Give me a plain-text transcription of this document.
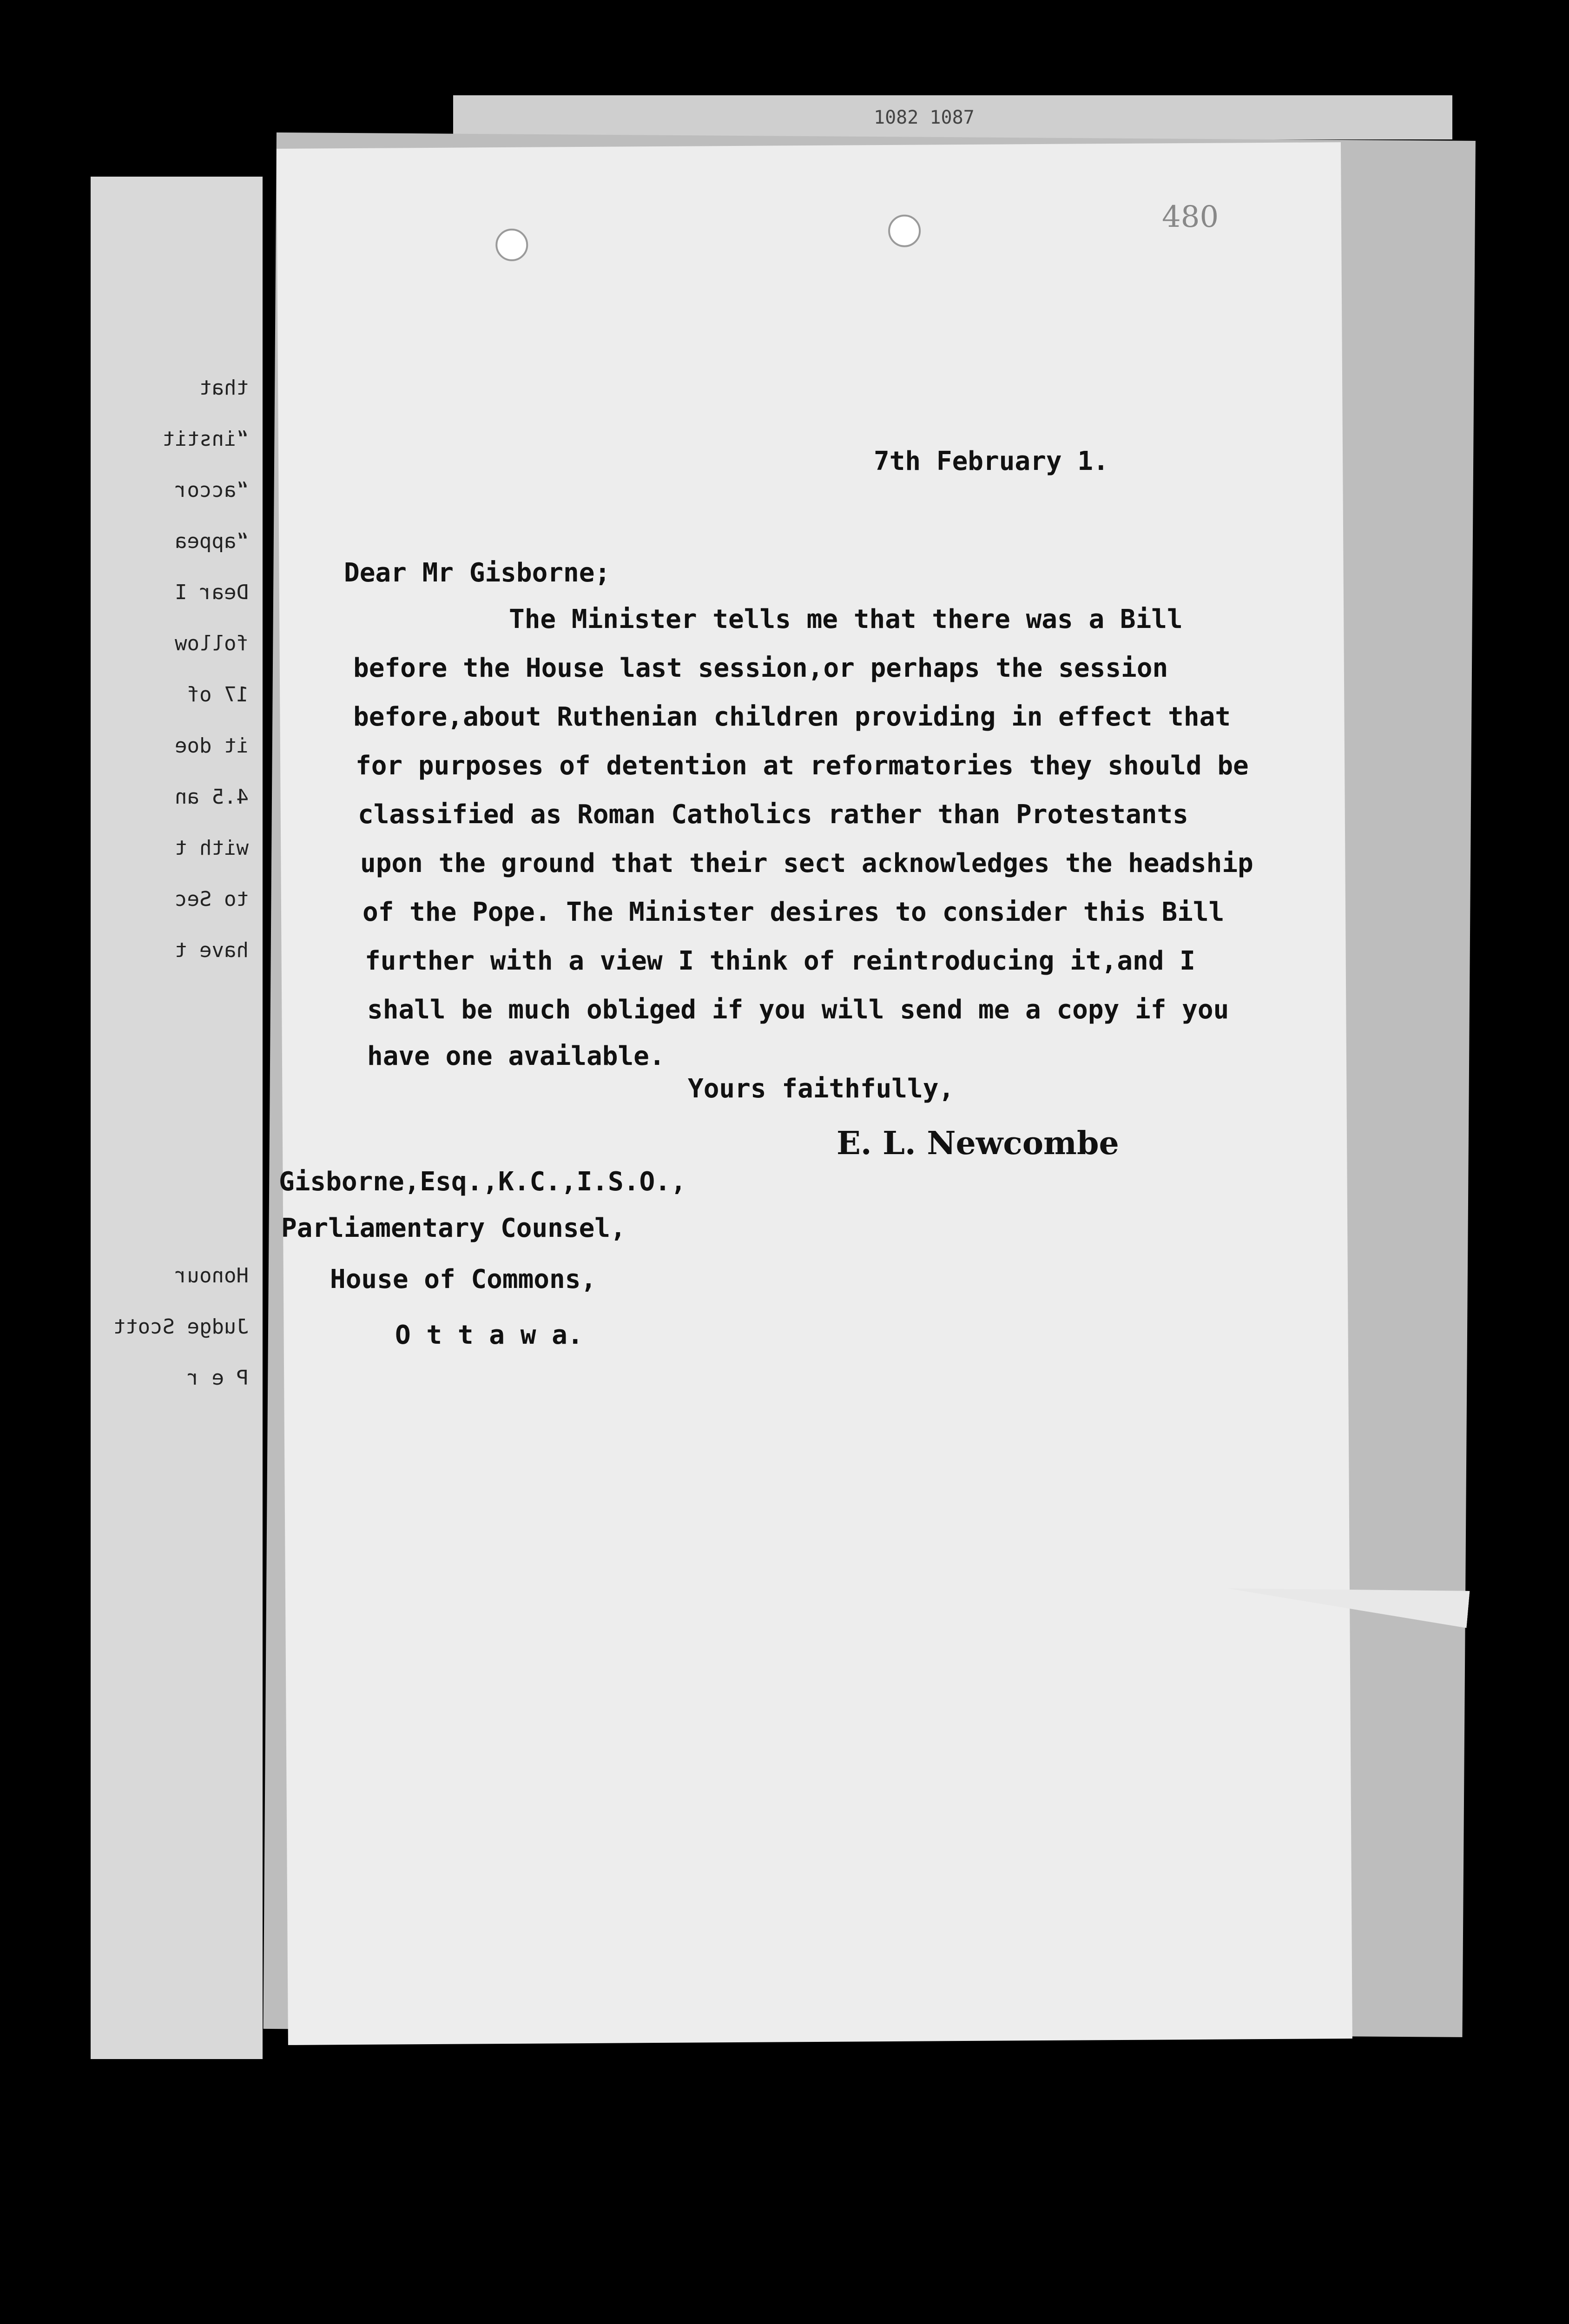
that
“instit
“accor
“appea
Dear I
follow
17 of
it doe
4.5 an
with t
to Sec
have t
Honour
Judge Scott
P e r
1082 1087
480
7th February 1.
Dear Mr Gisborne;
The Minister tells me that there was a Bill
before the House last session,or perhaps the session
before,about Ruthenian children providing in effect that
for purposes of detention at reformatories they should be
classified as Roman Catholics rather than Protestants
upon the ground that their sect acknowledges the headship
of the Pope. The Minister desires to consider this Bill
further with a view I think of reintroducing it,and I
shall be much obliged if you will send me a copy if you
have one available.
Yours faithfully,
E. L. Newcombe
Gisborne,Esq.,K.C.,I.S.O.,
Parliamentary Counsel,
House of Commons,
O t t a w a.
